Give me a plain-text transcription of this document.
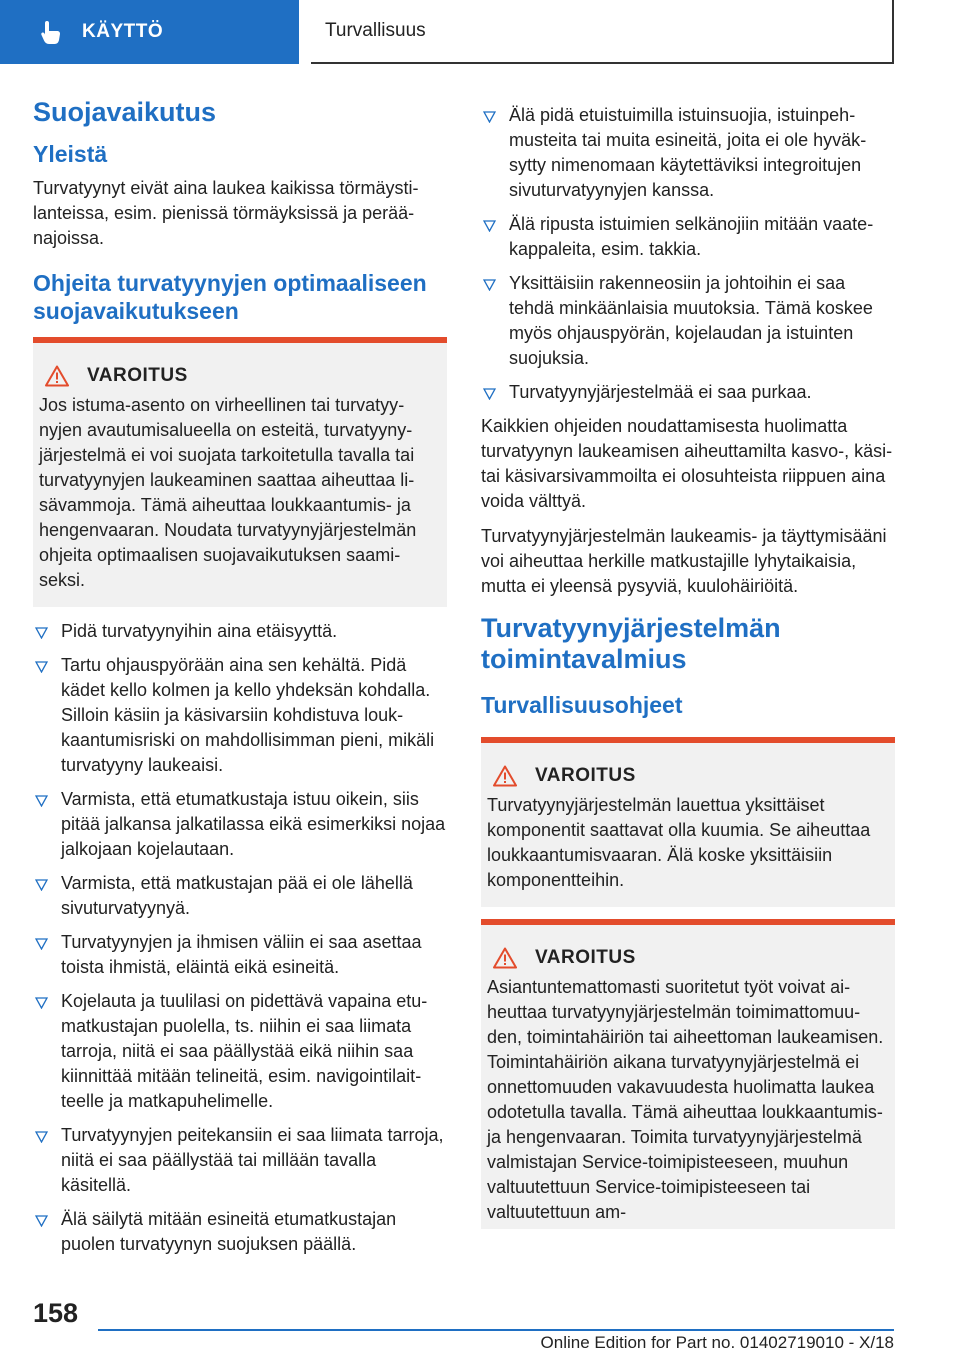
KÄYTTÖ	Turvallisuus
Suojavaikutus
Yleistä

Turvatyynyt eivät aina laukea kaikissa törmäystilanteissa, esim. pienissä törmäyksissä ja peräänajoissa.

Ohjeita turvatyynyjen optimaaliseen suojavaikutukseen
VAROITUS
Jos istuma-asento on virheellinen tai turvatyynyjen avautumisalueella on esteitä, turvatyynyjärjestelmä ei voi suojata tarkoitetulla tavalla tai turvatyynyjen laukeaminen saattaa aiheuttaa lisävammoja. Tämä aiheuttaa loukkaantumis- ja hengenvaaran. Noudata turvatyynyjärjestelmän ohjeita optimaalisen suojavaikutuksen saamiseksi.
Pidä turvatyynyihin aina etäisyyttä.
Tartu ohjauspyörään aina sen kehältä. Pidä kädet kello kolmen ja kello yhdeksän kohdalla. Silloin käsiin ja käsivarsiin kohdistuva loukkaantumisriski on mahdollisimman pieni, mikäli turvatyyny laukeaisi.
Varmista, että etumatkustaja istuu oikein, siis pitää jalkansa jalkatilassa eikä esimerkiksi nojaa jalkojaan kojelautaan.
Varmista, että matkustajan pää ei ole lähellä sivuturvatyynyä.
Turvatyynyjen ja ihmisen väliin ei saa asettaa toista ihmistä, eläintä eikä esineitä.
Kojelauta ja tuulilasi on pidettävä vapaina etumatkustajan puolella, ts. niihin ei saa liimata tarroja, niitä ei saa päällystää eikä niihin saa kiinnittää mitään telineitä, esim. navigointilaitteelle ja matkapuhelimelle.
Turvatyynyjen peitekansiin ei saa liimata tarroja, niitä ei saa päällystää tai millään tavalla käsitellä.
Älä säilytä mitään esineitä etumatkustajan puolen turvatyynyn suojuksen päällä.
Älä pidä etuistuimilla istuinsuojia, istuinpehmusteita tai muita esineitä, joita ei ole hyväksytty nimenomaan käytettäviksi integroitujen sivuturvatyynyjen kanssa.
Älä ripusta istuimien selkänojiin mitään vaatekappaleita, esim. takkia.
Yksittäisiin rakenneosiin ja johtoihin ei saa tehdä minkäänlaisia muutoksia. Tämä koskee myös ohjauspyörän, kojelaudan ja istuinten suojuksia.
Turvatyynyjärjestelmää ei saa purkaa.

Kaikkien ohjeiden noudattamisesta huolimatta turvatyynyn laukeamisen aiheuttamilta kasvo-, käsi- tai käsivarsivammoilta ei olosuhteista riippuen aina voida välttyä.

Turvatyynyjärjestelmän laukeamis- ja täyttymisääni voi aiheuttaa herkille matkustajille lyhytaikaisia, mutta ei yleensä pysyviä, kuulohäiriöitä.

Turvatyynyjärjestelmän toimintavalmius
Turvallisuusohjeet
VAROITUS
Turvatyynyjärjestelmän lauettua yksittäiset komponentit saattavat olla kuumia. Se aiheuttaa loukkaantumisvaaran. Älä koske yksittäisiin komponentteihin.
VAROITUS
Asiantuntemattomasti suoritetut työt voivat aiheuttaa turvatyynyjärjestelmän toimimattomuuden, toimintahäiriön tai aiheettoman laukeamisen. Toimintahäiriön aikana turvatyynyjärjestelmä ei onnettomuuden vakavuudesta huolimatta laukea odotetulla tavalla. Tämä aiheuttaa loukkaantumis- ja hengenvaaran. Toimita turvatyynyjärjestelmä valmistajan Service-toimipisteeseen, muuhun valtuutettuun Service-toimipisteeseen tai valtuutettuun am-
158
Online Edition for Part no. 01402719010 - X/18
